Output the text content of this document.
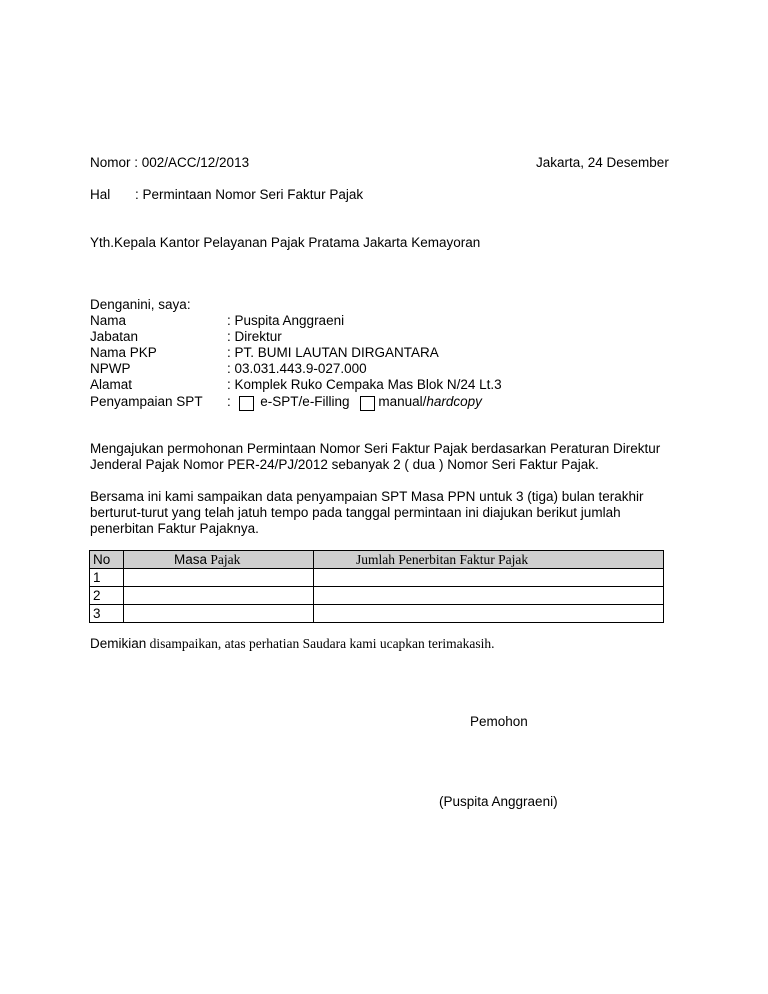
Nomor : 002/ACC/12/2013	Jakarta, 24 Desember
Hal : Permintaan Nomor Seri Faktur Pajak
Yth.Kepala Kantor Pelayanan Pajak Pratama Jakarta Kemayoran
Denganini, saya:
Nama	: Puspita Anggraeni
Jabatan	: Direktur
Nama PKP	: PT. BUMI LAUTAN DIRGANTARA
NPWP	: 03.031.443.9-027.000
Alamat	: Komplek Ruko Cempaka Mas Blok N/24 Lt.3
Penyampaian SPT : e-SPT/e-Filling manual/hardcopy
Mengajukan permohonan Permintaan Nomor Seri Faktur Pajak berdasarkan Peraturan Direktur
Jenderal Pajak Nomor PER-24/PJ/2012 sebanyak 2 ( dua ) Nomor Seri Faktur Pajak.
Bersama ini kami sampaikan data penyampaian SPT Masa PPN untuk 3 (tiga) bulan terakhir
berturut-turut yang telah jatuh tempo pada tanggal permintaan ini diajukan berikut jumlah
penerbitan Faktur Pajaknya.
No	Masa Pajak	Jumlah Penerbitan Faktur Pajak
1		
2		
3		
Demikian disampaikan, atas perhatian Saudara kami ucapkan terimakasih.
Pemohon
(Puspita Anggraeni)
